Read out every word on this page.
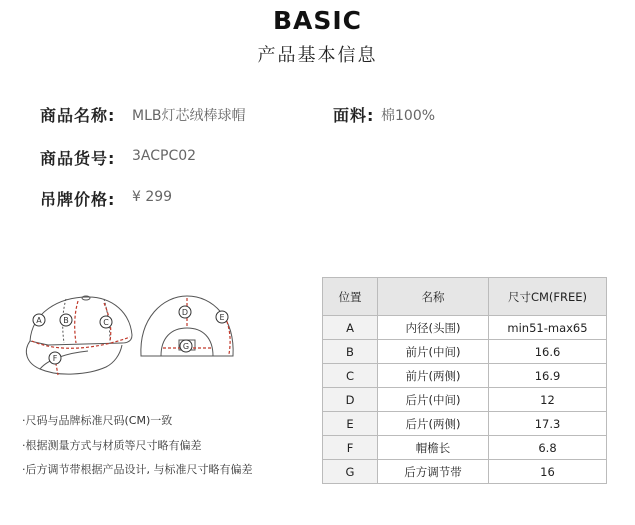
BASIC
产品基本信息
商品名称: MLB灯芯绒棒球帽	面料: 棉100%
商品货号: 3ACPC02
吊牌价格: ¥ 299
A	B	C
F
D
E
G
·尺码与品牌标准尺码(CM)一致
·根据测量方式与材质等尺寸略有偏差
·后方调节带根据产品设计, 与标准尺寸略有偏差
位置	名称	尺寸CM(FREE)
A	内径(头围)	min51-max65
B	前片(中间)	16.6
C	前片(两侧)	16.9
D	后片(中间)	12
E	后片(两侧)	17.3
F	帽檐长	6.8
G	后方调节带	16
